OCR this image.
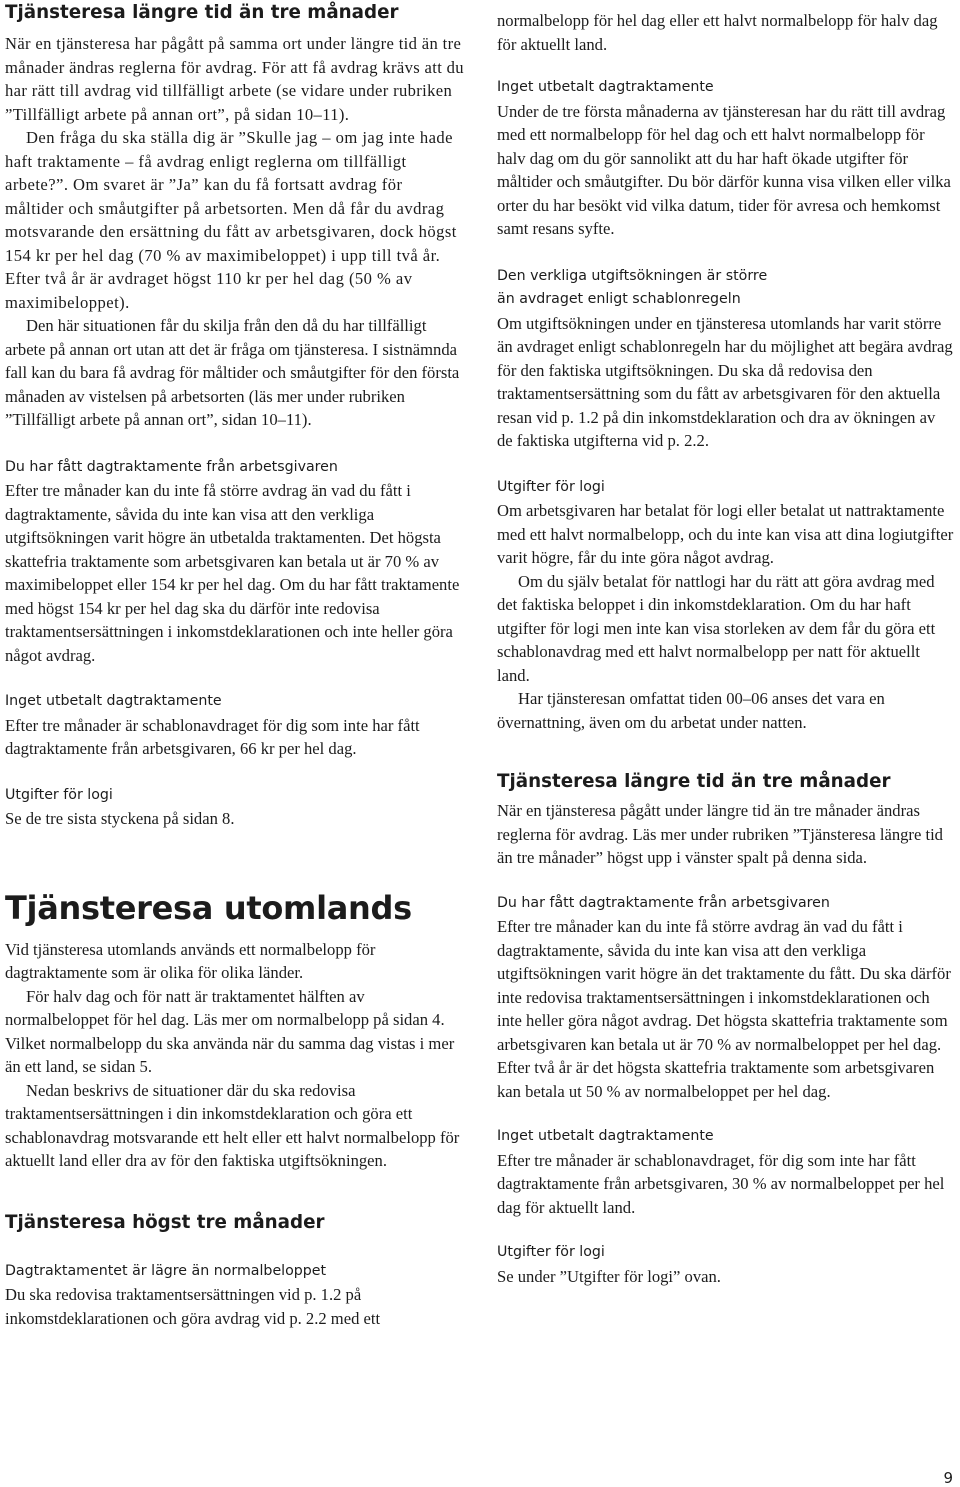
Tjänsteresa längre tid än tre månader

När en tjänsteresa har pågått på samma ort under längre tid än tre månader ändras reglerna för avdrag. För att få avdrag krävs att du har rätt till avdrag vid tillfälligt arbete (se vidare under rubriken ”Tillfälligt arbete på annan ort”, på sidan 10–11).

Den fråga du ska ställa dig är ”Skulle jag – om jag inte hade haft traktamente – få avdrag enligt reglerna om tillfälligt arbete?”. Om svaret är ”Ja” kan du få fortsatt avdrag för måltider och småutgifter på arbetsorten. Men då får du avdrag motsvarande den ersättning du fått av arbetsgivaren, dock högst 154 kr per hel dag (70 % av maximibeloppet) i upp till två år. Efter två år är avdraget högst 110 kr per hel dag (50 % av maximibeloppet).

Den här situationen får du skilja från den då du har tillfälligt arbete på annan ort utan att det är fråga om tjänsteresa. I sistnämnda fall kan du bara få avdrag för måltider och småutgifter för den första månaden av vistelsen på arbetsorten (läs mer under rubriken ”Tillfälligt arbete på annan ort”, sidan 10–11).

Du har fått dagtraktamente från arbetsgivaren

Efter tre månader kan du inte få större avdrag än vad du fått i dagtraktamente, såvida du inte kan visa att den verkliga utgiftsökningen varit högre än utbetalda traktamenten. Det högsta skattefria traktamente som arbetsgivaren kan betala ut är 70 % av maximibeloppet eller 154 kr per hel dag. Om du har fått traktamente med högst 154 kr per hel dag ska du därför inte redovisa traktamentsersättningen i inkomstdeklarationen och inte heller göra något avdrag.

Inget utbetalt dagtraktamente

Efter tre månader är schablonavdraget för dig som inte har fått dagtraktamente från arbetsgivaren, 66 kr per hel dag.

Utgifter för logi

Se de tre sista styckena på sidan 8.

Tjänsteresa utomlands

Vid tjänsteresa utomlands används ett normalbelopp för dagtraktamente som är olika för olika länder.

För halv dag och för natt är traktamentet hälften av normalbeloppet för hel dag. Läs mer om normalbelopp på sidan 4. Vilket normalbelopp du ska använda när du samma dag vistas i mer än ett land, se sidan 5.

Nedan beskrivs de situationer där du ska redovisa traktamentsersättningen i din inkomstdeklaration och göra ett schablonavdrag motsvarande ett helt eller ett halvt normalbelopp för aktuellt land eller dra av för den faktiska utgiftsökningen.

Tjänsteresa högst tre månader
Dagtraktamentet är lägre än normalbeloppet

Du ska redovisa traktamentsersättningen vid p. 1.2 på inkomstdeklarationen och göra avdrag vid p. 2.2 med ett

normalbelopp för hel dag eller ett halvt normalbelopp för halv dag för aktuellt land.

Inget utbetalt dagtraktamente

Under de tre första månaderna av tjänsteresan har du rätt till avdrag med ett normalbelopp för hel dag och ett halvt normalbelopp för halv dag om du gör sannolikt att du har haft ökade utgifter för måltider och småutgifter. Du bör därför kunna visa vilken eller vilka orter du har besökt vid vilka datum, tider för avresa och hemkomst samt resans syfte.

Den verkliga utgiftsökningen är större
än avdraget enligt schablonregeln

Om utgiftsökningen under en tjänsteresa utomlands har varit större än avdraget enligt schablonregeln har du möjlighet att begära avdrag för den faktiska utgiftsökningen. Du ska då redovisa den traktamentsersättning som du fått av arbetsgivaren för den aktuella resan vid p. 1.2 på din inkomstdeklaration och dra av ökningen av de faktiska utgifterna vid p. 2.2.

Utgifter för logi

Om arbetsgivaren har betalat för logi eller betalat ut nattraktamente med ett halvt normalbelopp, och du inte kan visa att dina logiutgifter varit högre, får du inte göra något avdrag.

Om du själv betalat för nattlogi har du rätt att göra avdrag med det faktiska beloppet i din inkomstdeklaration. Om du har haft utgifter för logi men inte kan visa storleken av dem får du göra ett schablonavdrag med ett halvt normalbelopp per natt för aktuellt land.

Har tjänsteresan omfattat tiden 00–06 anses det vara en övernattning, även om du arbetat under natten.

Tjänsteresa längre tid än tre månader

När en tjänsteresa pågått under längre tid än tre månader ändras reglerna för avdrag. Läs mer under rubriken ”Tjänsteresa längre tid än tre månader” högst upp i vänster spalt på denna sida.

Du har fått dagtraktamente från arbetsgivaren

Efter tre månader kan du inte få större avdrag än vad du fått i dagtraktamente, såvida du inte kan visa att den verkliga utgiftsökningen varit högre än det traktamente du fått. Du ska därför inte redovisa traktamentsersättningen i inkomstdeklarationen och inte heller göra något avdrag. Det högsta skattefria traktamente som arbetsgivaren kan betala ut är 70 % av normalbeloppet per hel dag. Efter två år är det högsta skattefria traktamente som arbetsgivaren kan betala ut 50 % av normalbeloppet per hel dag.

Inget utbetalt dagtraktamente

Efter tre månader är schablonavdraget, för dig som inte har fått dagtraktamente från arbetsgivaren, 30 % av normalbeloppet per hel dag för aktuellt land.

Utgifter för logi

Se under ”Utgifter för logi” ovan.

9
